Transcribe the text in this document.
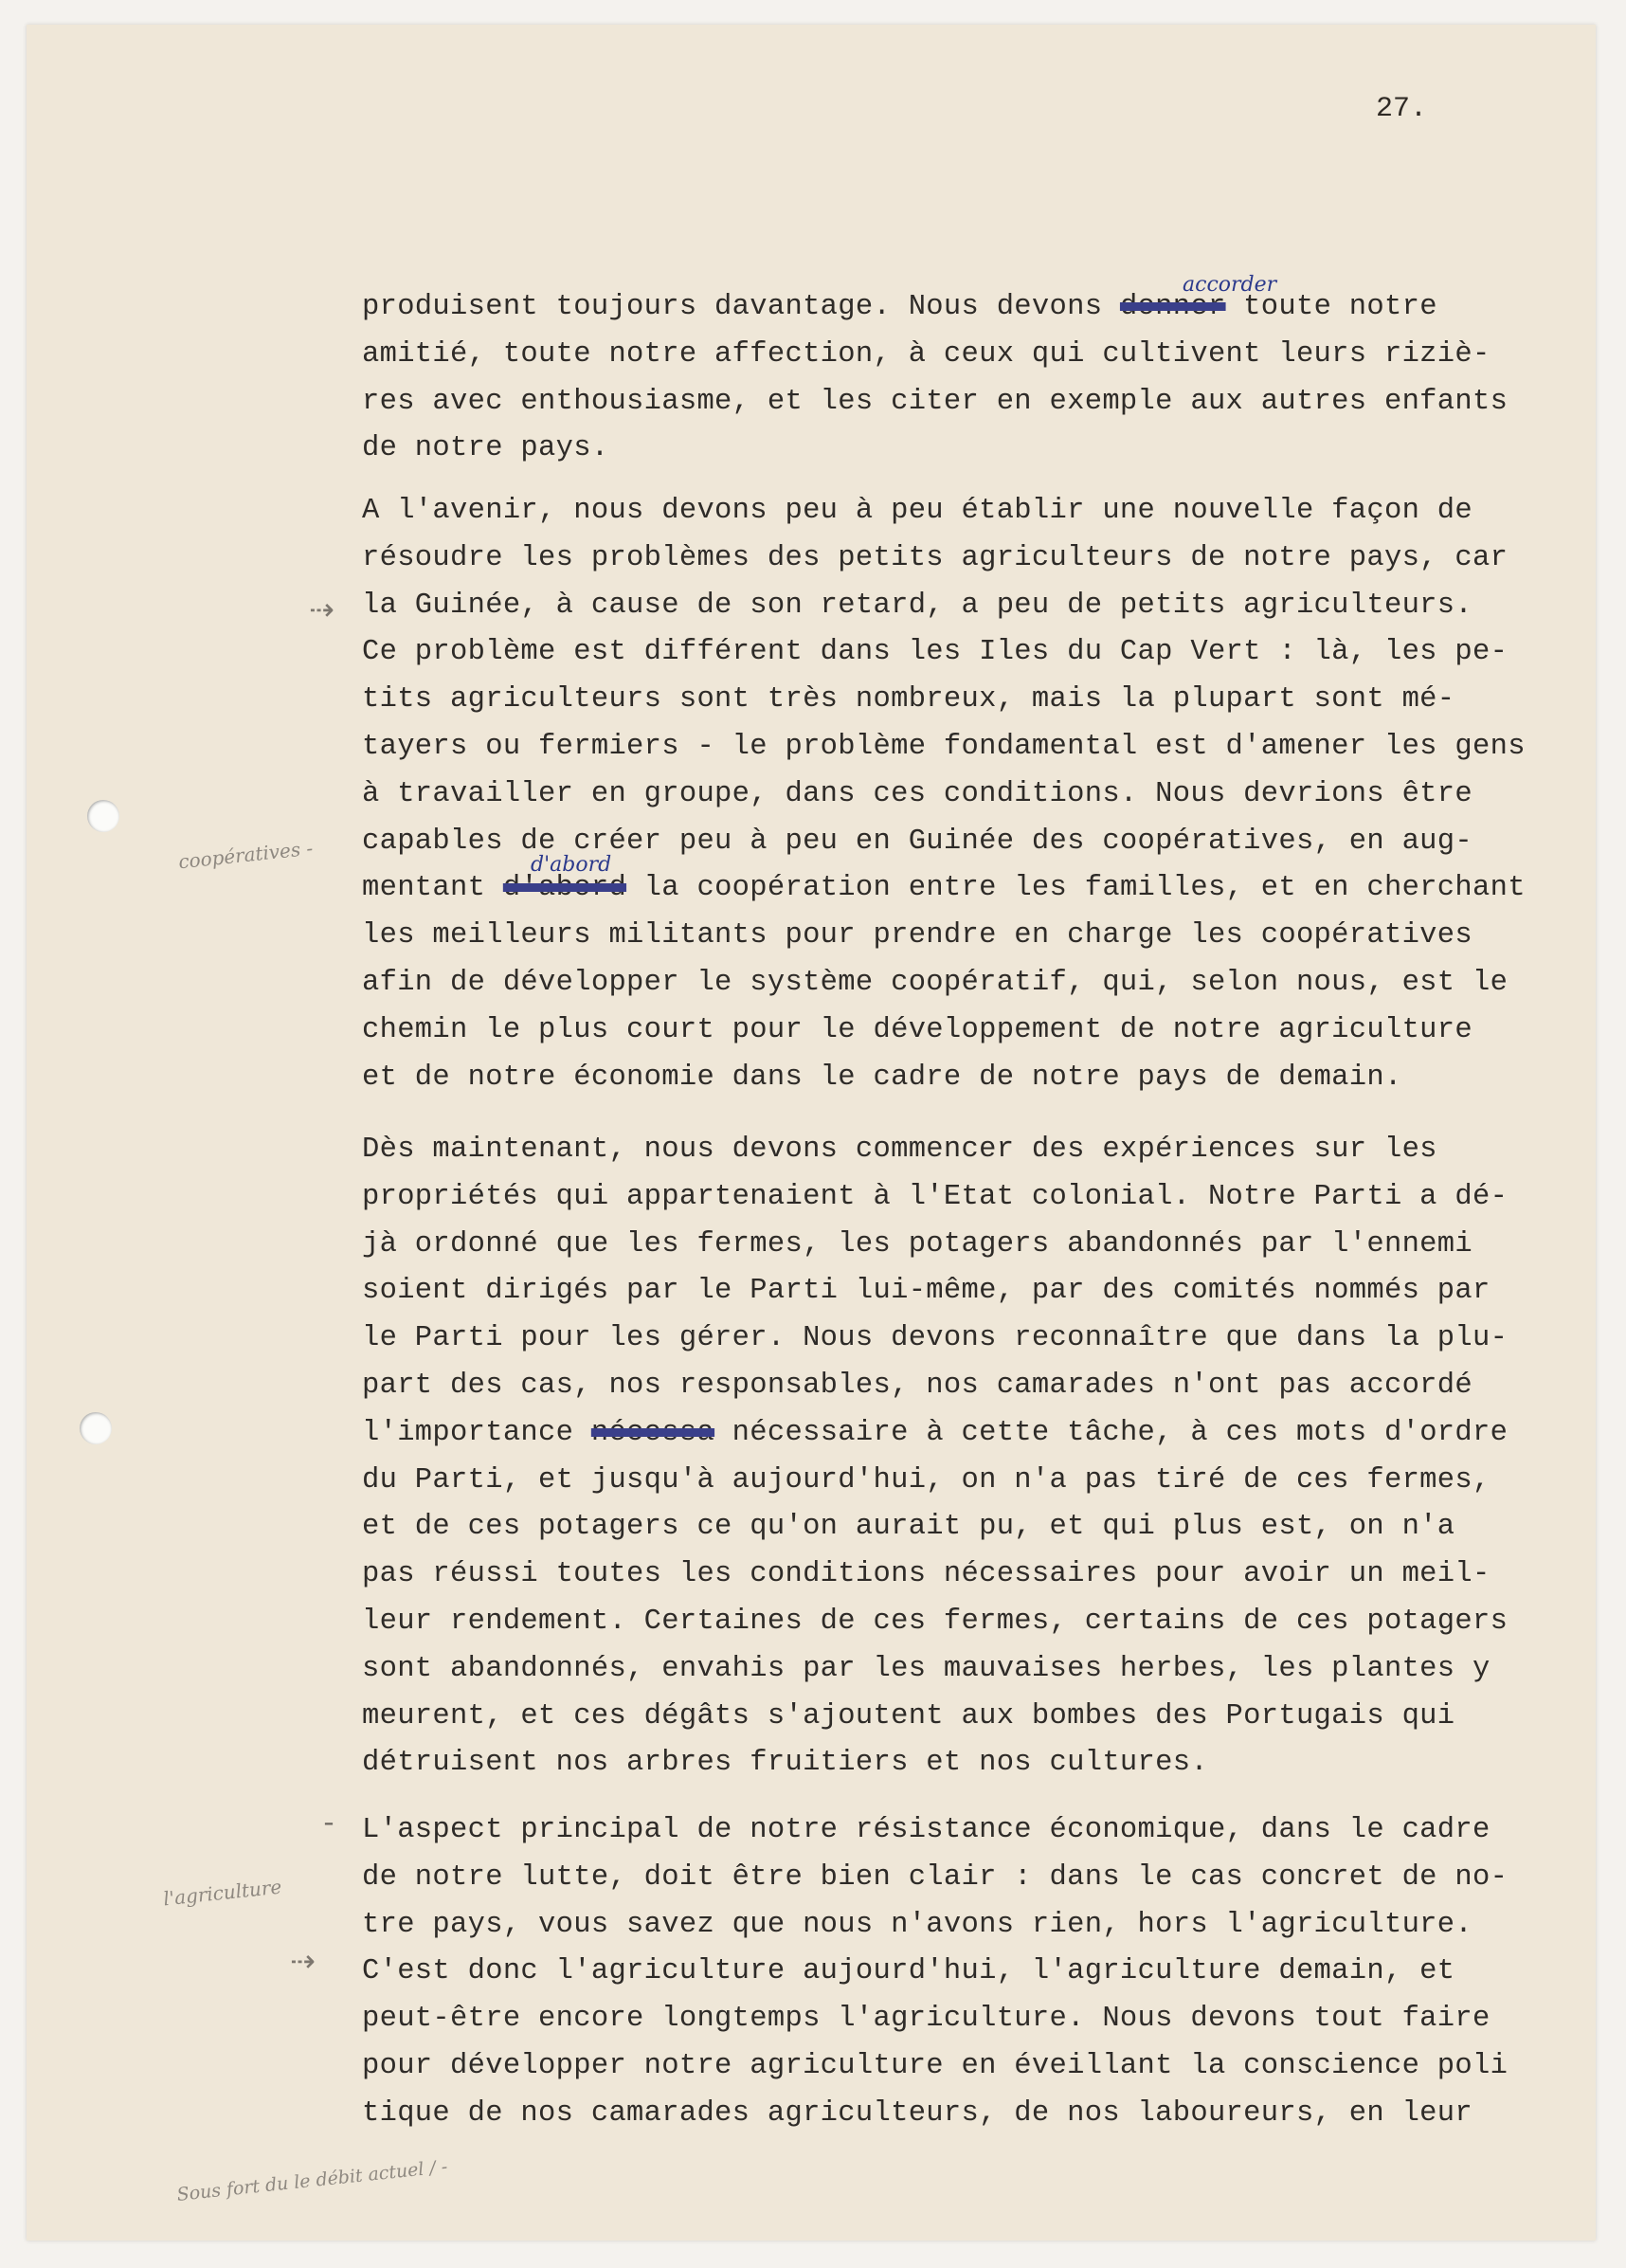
27.
produisent toujours davantage. Nous devons donner toute notre
amitié, toute notre affection, à ceux qui cultivent leurs riziè-
res avec enthousiasme, et les citer en exemple aux autres enfants
de notre pays.
A l'avenir, nous devons peu à peu établir une nouvelle façon de
résoudre les problèmes des petits agriculteurs de notre pays, car
la Guinée, à cause de son retard, a peu de petits agriculteurs.
Ce problème est différent dans les Iles du Cap Vert : là, les pe-
tits agriculteurs sont très nombreux, mais la plupart sont mé-
tayers ou fermiers - le problème fondamental est d'amener les gens
à travailler en groupe, dans ces conditions. Nous devrions être
capables de créer peu à peu en Guinée des coopératives, en aug-
mentant d'abord la coopération entre les familles, et en cherchant
les meilleurs militants pour prendre en charge les coopératives
afin de développer le système coopératif, qui, selon nous, est le
chemin le plus court pour le développement de notre agriculture
et de notre économie dans le cadre de notre pays de demain.
Dès maintenant, nous devons commencer des expériences sur les
propriétés qui appartenaient à l'Etat colonial. Notre Parti a dé-
jà ordonné que les fermes, les potagers abandonnés par l'ennemi
soient dirigés par le Parti lui-même, par des comités nommés par
le Parti pour les gérer. Nous devons reconnaître que dans la plu-
part des cas, nos responsables, nos camarades n'ont pas accordé
l'importance nécessa nécessaire à cette tâche, à ces mots d'ordre
du Parti, et jusqu'à aujourd'hui, on n'a pas tiré de ces fermes,
et de ces potagers ce qu'on aurait pu, et qui plus est, on n'a
pas réussi toutes les conditions nécessaires pour avoir un meil-
leur rendement. Certaines de ces fermes, certains de ces potagers
sont abandonnés, envahis par les mauvaises herbes, les plantes y
meurent, et ces dégâts s'ajoutent aux bombes des Portugais qui
détruisent nos arbres fruitiers et nos cultures.
L'aspect principal de notre résistance économique, dans le cadre
de notre lutte, doit être bien clair : dans le cas concret de no-
tre pays, vous savez que nous n'avons rien, hors l'agriculture.
C'est donc l'agriculture aujourd'hui, l'agriculture demain, et
peut-être encore longtemps l'agriculture. Nous devons tout faire
pour développer notre agriculture en éveillant la conscience poli
tique de nos camarades agriculteurs, de nos laboureurs, en leur
accorder
d'abord
coopératives -
l'agriculture
Sous fort du le débit actuel / -
⇢
⇢
-
